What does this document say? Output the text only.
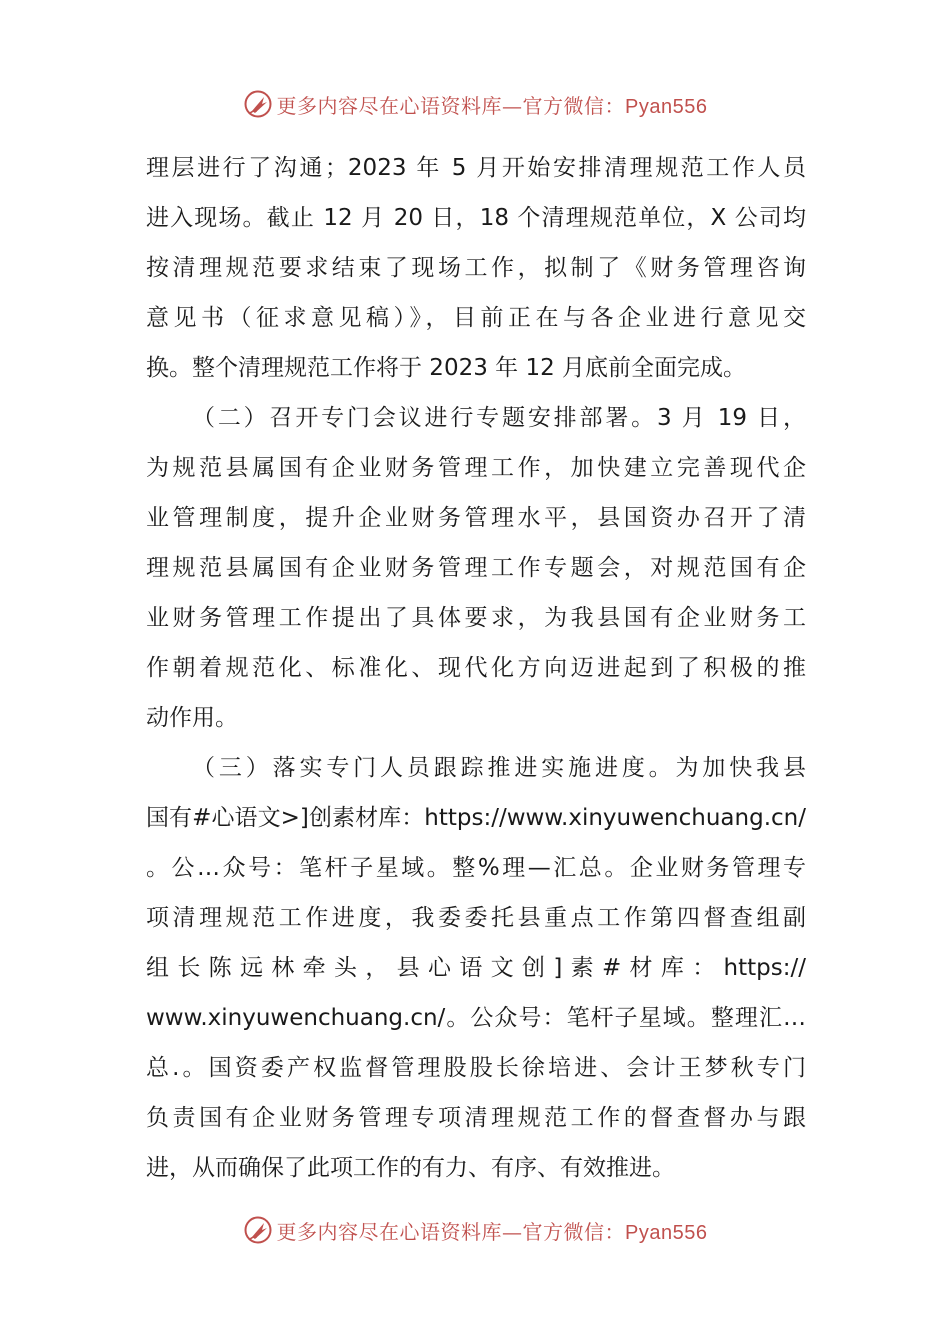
更多内容尽在心语资料库—官方微信：Pyan556
理层进行了沟通；2023 年 5 月开始安排清理规范工作人员
进入现场。截止 12 月 20 日，18 个清理规范单位，X 公司均
按清理规范要求结束了现场工作，拟制了《财务管理咨询
意见书（征求意见稿）》，目前正在与各企业进行意见交
换。整个清理规范工作将于 2023 年 12 月底前全面完成。
（二）召开专门会议进行专题安排部署。3 月 19 日，
为规范县属国有企业财务管理工作，加快建立完善现代企
业管理制度，提升企业财务管理水平，县国资办召开了清
理规范县属国有企业财务管理工作专题会，对规范国有企
业财务管理工作提出了具体要求，为我县国有企业财务工
作朝着规范化、标准化、现代化方向迈进起到了积极的推
动作用。
（三）落实专门人员跟踪推进实施进度。为加快我县
国有#心语文>]创素材库：https://www.xinyuwenchuang.cn/
。公…众号：笔杆子星域。整%理—汇总。企业财务管理专
项清理规范工作进度，我委委托县重点工作第四督查组副
组长陈远林牵头，县心语文创]素#材库：https://
www.xinyuwenchuang.cn/。公众号：笔杆子星域。整理汇…
总.。国资委产权监督管理股股长徐培进、会计王梦秋专门
负责国有企业财务管理专项清理规范工作的督查督办与跟
进，从而确保了此项工作的有力、有序、有效推进。
更多内容尽在心语资料库—官方微信：Pyan556
